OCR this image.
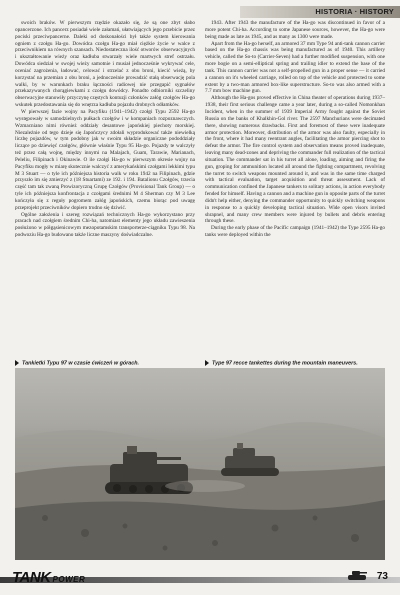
HISTORIA · HISTORY

swoich braków. W pierwszym rzędzie okazało się, że są one zbyt słabo opancerzone. Ich pancerz posiadał wiele załamań, ułatwiających jego przebicie przez pociski przeciwpancerne. Daleki od doskonałości był także system kierowania ogniem z czołgu Ha-go. Dowódca czołgu Ha-go miał ciężkie życie w walce z przeciwnikiem na równych szansach. Niedostateczna ilość otworów obserwacyjnych i ukształtowanie wieży oraz kadłuba stwarzały wiele martwych stref ostrzału. Dowódca siedział w swojej wieży samotnie i musiał jednocześnie wykrywać cele, oceniać zagrożenia, ładować, celować i strzelać z obu broni, kiecić wieżą, by korzystać na przemian z obu broni, a jednocześnie prowadzić stałą obserwację pola walki, by w warunkach braku łączności radiowej nie przegapić sygnałów przekazywanych chorągiewkami z czołgu dowódcy. Ponadto odbiorniki szczeliny obserwacyjne stanowiły przyczynę częstych kontuzji członków załóg czołgów Ha-go wskutek przedostawania się do wnętrza kadłuba pojazdu drobnych odłamków.

W pierwszej fazie wojny na Pacyfiku (1941–1942) czołgi Typu 2592 Ha-go występowały w samodzielnych pułkach czołgów i w kompaniach rozpoznawczych. Wzmacniano nimi również oddziały desantowe japońskiej piechoty morskiej. Niezależnie od tego dzieje się Japończycy zdołali wyprodukować także niewielką liczbę pojazdów, w tym podobny jak w swoim składzie organiczne pododdziały liczące po dziewięć czołgów, głównie właśnie Typu 95 Ha-go. Pojazdy te walczyły też przez całą wojnę, między innymi na Malajach, Guam, Tarawie, Marianach, Peleliu, Filipinach i Okinawie. O ile czołgi Ha-go w pierwszym okresie wojny na Pacyfiku mogły w miarę skutecznie walczyć z amerykańskimi czołgami lekkimi typu M 3 Stuart — o tyle ich późniejsza historia walk w roku 1942 na Filipinach, gdzie przyszło im się zmierzyć z (18 Stuartami) ze 192. i 194. Batalionu Czołgów, trzecia część tam tak zwaną Prowizoryczną Grupę Czołgów (Provisional Tank Group) — o tyle ich późniejsza konfrontacja z czołgami średnimi M 4 Sherman czy M 3 Lee kończyła się z reguły pogromem załóg japońskich, czemu biorąc pod uwagę przeprojekt przeciwników dopiero trudno się dziwić.

Ogólne założenia i szereg rozwiązań technicznych Ha-go wykorzystano przy pracach nad czołgiem średnim Chi-ha, natomiast elementy jego układu zawieszenia posłużono w półgąsienicowym mezopotamskim transporterze-ciągniku Typu 98. Na podwoziu Ha-go budowano także liczne maszyny doświadczalne.

1943. After 1943 the manufacture of the Ha-go was discontinued in favor of a more potent Chi-ha. According to some Japanese sources, however, the Ha-go were being made as late as 1945, and as many as 1300 were made.

Apart from the Ha-go herself, an armored 37 mm Type 94 anti-tank cannon carrier based on the Ha-go chassis was being manufactured as of 1940. This artillery vehicle, called the So-to (Carrier-Seven) had a further modified suspension, with one more bogie on a semi-elliptical spring and trailing idler to extend the base of the tank. This cannon carrier was not a self-propelled gun in a proper sense — it carried a cannon on it's wheeled carriage, rolled on top of the vehicle and protected to some extent by a two-man armored box-like superstructure. So-to was also armed with a 7.7 mm bow machine gun.

Although the Ha-gos proved effective in China theater of operations during 1937–1938, their first serious challenge came a year later, during a so-called Nomonkhan Incident, when in the summer of 1939 Imperial Army fought against the Soviet Russia on the banks of Khalkhin-Gol river. The 2597 Manchurians were decimated there, showing numerous drawbacks. First and foremost of these were inadequate armor protection. Moreover, distribution of the armor was also faulty, especially in the front, where it had many reentrant angles, facilitating the armor piercing shot to defeat the armor. The fire control system and observation means proved inadequate, leaving many dead-zones and depriving the commander full realization of the tactical situation. The commander sat in his turret all alone, loading, aiming and firing the gun, groping for ammunition located all around the fighting compartment, revolving the turret to switch weapons mounted around it, and was in the same time charged with tactical evaluation, target acquisition and threat assessment. Lack of communication confined the Japanese tankers to solitary actions, in action everybody fended for himself. Having a cannon and a machine gun in opposite parts of the turret didn't help either, denying the commander opportunity to quickly switching weapons in response to a quickly developing tactical situation. Wide open visors invited shrapnel, and many crew members were injured by bullets and debris entering through these.

During the early phase of the Pacific campaign (1941–1942) the Type 2595 Ha-go tanks were deployed within the

Tankietki Typu 97 w czasie ćwiczeń w górach.	Type 97 recce tankettes during the mountain maneuvers.
TANK POWER	73
